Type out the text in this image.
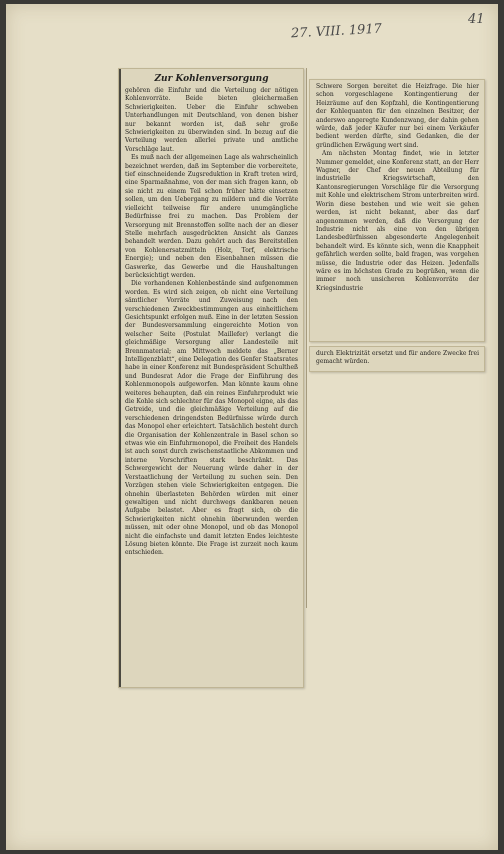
27. VIII. 1917
41
Zur Kohlenversorgung

gehören die Einfuhr und die Verteilung der nötigen Kohlenvorräte. Beide bieten gleichermaßen Schwierigkeiten. Ueber die Einfuhr schweben Unterhandlungen mit Deutschland, von denen bisher nur bekannt worden ist, daß sehr große Schwierigkeiten zu überwinden sind. In bezug auf die Verteilung werden allerlei private und amtliche Vorschläge laut.

Es muß nach der allgemeinen Lage als wahrscheinlich bezeichnet werden, daß im September die vorbereitete, tief einschneidende Zugsreduktion in Kraft treten wird, eine Sparmaßnahme, von der man sich fragen kann, ob sie nicht zu einem Teil schon früher hätte einsetzen sollen, um den Uebergang zu mildern und die Vorräte vielleicht teilweise für andere unumgängliche Bedürfnisse frei zu machen. Das Problem der Versorgung mit Brennstoffen sollte nach der an dieser Stelle mehrfach ausgedrückten Ansicht als Ganzes behandelt werden. Dazu gehört auch das Bereitstellen von Kohlenersatzmitteln (Holz, Torf, elektrische Energie); und neben den Eisenbahnen müssen die Gaswerke, das Gewerbe und die Haushaltungen berücksichtigt werden.

Die vorhandenen Kohlenbestände sind aufgenommen worden. Es wird sich zeigen, ob nicht eine Verteilung sämtlicher Vorräte und Zuweisung nach den verschiedenen Zweckbestimmungen aus einheitlichem Gesichtspunkt erfolgen muß. Eine in der letzten Session der Bundesversammlung eingereichte Motion von welscher Seite (Postulat Maillefer) verlangt die gleichmäßige Versorgung aller Landesteile mit Brennmaterial; am Mittwoch meldete das „Berner Intelligenzblatt“, eine Delegation des Genfer Staatsrates habe in einer Konferenz mit Bundespräsident Schultheß und Bundesrat Ador die Frage der Einführung des Kohlenmonopols aufgeworfen. Man könnte kaum ohne weiteres behaupten, daß ein reines Einfuhrprodukt wie die Kohle sich schlechter für das Monopol eigne, als das Getreide, und die gleichmäßige Verteilung auf die verschiedenen dringendsten Bedürfnisse würde durch das Monopol eher erleichtert. Tatsächlich besteht durch die Organisation der Kohlenzentrale in Basel schon so etwas wie ein Einfuhrmonopol, die Freiheit des Handels ist auch sonst durch zwischenstaatliche Abkommen und interne Vorschriften stark beschränkt. Das Schwergewicht der Neuerung würde daher in der Verstaatlichung der Verteilung zu suchen sein. Den Vorzügen stehen viele Schwierigkeiten entgegen. Die ohnehin überlasteten Behörden würden mit einer gewaltigen und nicht durchwegs dankbaren neuen Aufgabe belastet. Aber es fragt sich, ob die Schwierigkeiten nicht ohnehin überwunden werden müssen, mit oder ohne Monopol, und ob das Monopol nicht die einfachste und damit letzten Endes leichteste Lösung bieten könnte. Die Frage ist zurzeit noch kaum entschieden.

Schwere Sorgen bereitet die Heizfrage. Die hier schon vorgeschlagene Kontingentierung der Heizräume auf den Kopfzahl, die Kontingentierung der Kohlequanten für den einzelnen Besitzer, der anderswo angeregte Kundenzwang, der dahin gehen würde, daß jeder Käufer nur bei einem Verkäufer bedient werden dürfte, sind Gedanken, die der gründlichen Erwägung wert sind.

Am nächsten Montag findet, wie in letzter Nummer gemeldet, eine Konferenz statt, an der Herr Wagner, der Chef der neuen Abteilung für industrielle Kriegswirtschaft, den Kantonsregierungen Vorschläge für die Versorgung mit Kohle und elektrischem Strom unterbreiten wird. Worin diese bestehen und wie weit sie gehen werden, ist nicht bekannt, aber das darf angenommen werden, daß die Versorgung der Industrie nicht als eine von den übrigen Landesbedürfnissen abgesonderte Angelegenheit behandelt wird. Es könnte sich, wenn die Knappheit gefährlich werden sollte, bald fragen, was vorgehen müsse, die Industrie oder das Heizen. Jedenfalls wäre es im höchsten Grade zu begrüßen, wenn die immer noch unsicheren Kohlenvorräte der Kriegsindustrie

durch Elektrizität ersetzt und für andere Zwecke frei gemacht würden.
